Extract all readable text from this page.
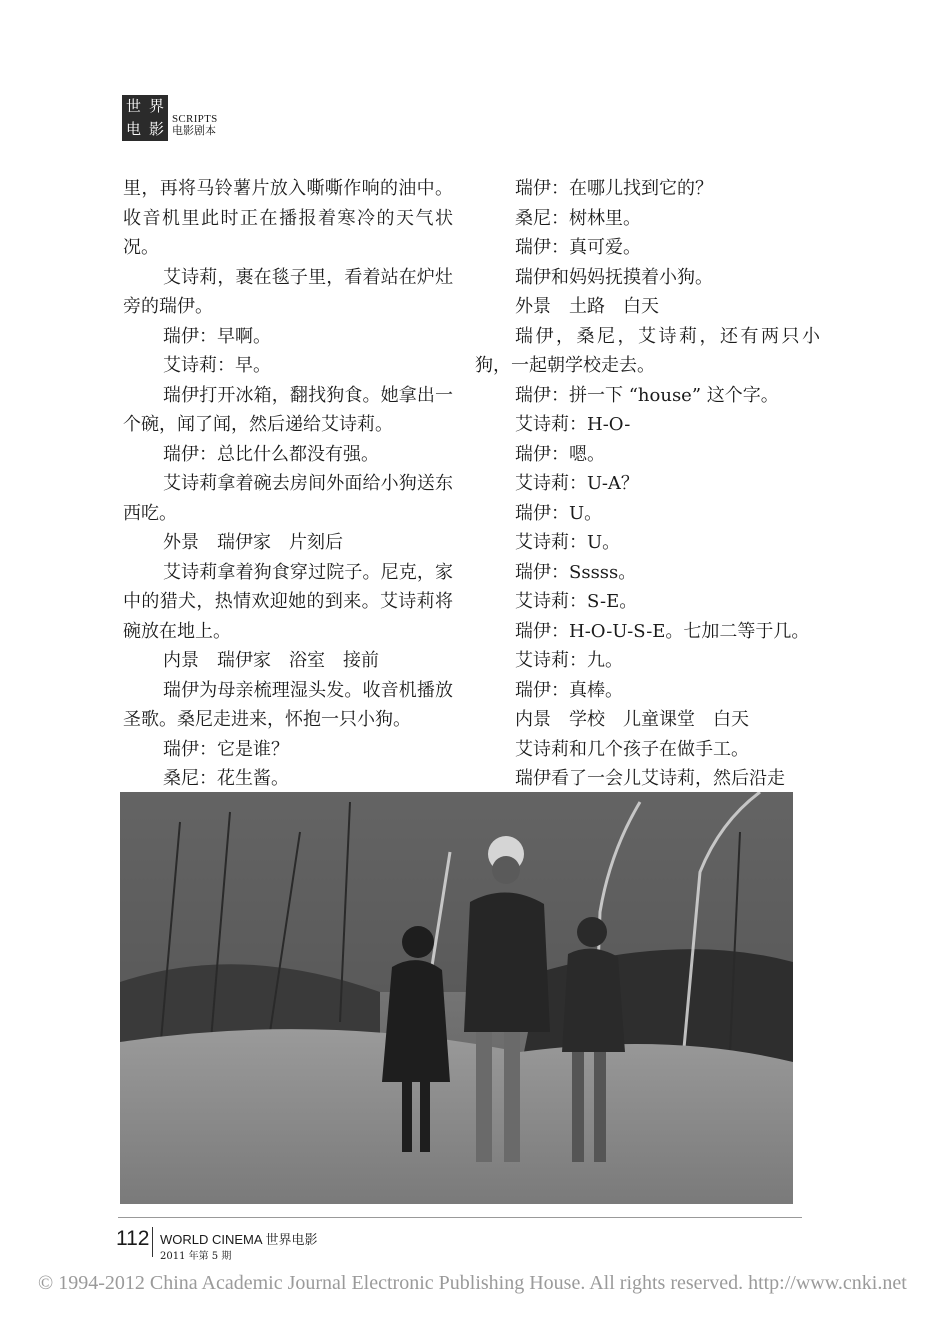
世 界
电 影
SCRIPTS
电影剧本

里，再将马铃薯片放入嘶嘶作响的油中。收音机里此时正在播报着寒冷的天气状况。

艾诗莉，裹在毯子里，看着站在炉灶旁的瑞伊。

瑞伊：早啊。

艾诗莉：早。

瑞伊打开冰箱，翻找狗食。她拿出一个碗，闻了闻，然后递给艾诗莉。

瑞伊：总比什么都没有强。

艾诗莉拿着碗去房间外面给小狗送东西吃。

外景　瑞伊家　片刻后

艾诗莉拿着狗食穿过院子。尼克，家中的猎犬，热情欢迎她的到来。艾诗莉将碗放在地上。

内景　瑞伊家　浴室　接前

瑞伊为母亲梳理湿头发。收音机播放圣歌。桑尼走进来，怀抱一只小狗。

瑞伊：它是谁？

桑尼：花生酱。

瑞伊：在哪儿找到它的？

桑尼：树林里。

瑞伊：真可爱。

瑞伊和妈妈抚摸着小狗。

外景　土路　白天

瑞伊，桑尼，艾诗莉，还有两只小狗，一起朝学校走去。

瑞伊：拼一下 “house” 这个字。

艾诗莉：H-O-

瑞伊：嗯。

艾诗莉：U-A？

瑞伊：U。

艾诗莉：U。

瑞伊：Sssss。

艾诗莉：S-E。

瑞伊：H-O-U-S-E。七加二等于几。

艾诗莉：九。

瑞伊：真棒。

内景　学校　儿童课堂　白天

艾诗莉和几个孩子在做手工。

瑞伊看了一会儿艾诗莉，然后沿走

112 WORLD CINEMA 世界电影
2011 年第 5 期
© 1994-2012 China Academic Journal Electronic Publishing House. All rights reserved. http://www.cnki.net
